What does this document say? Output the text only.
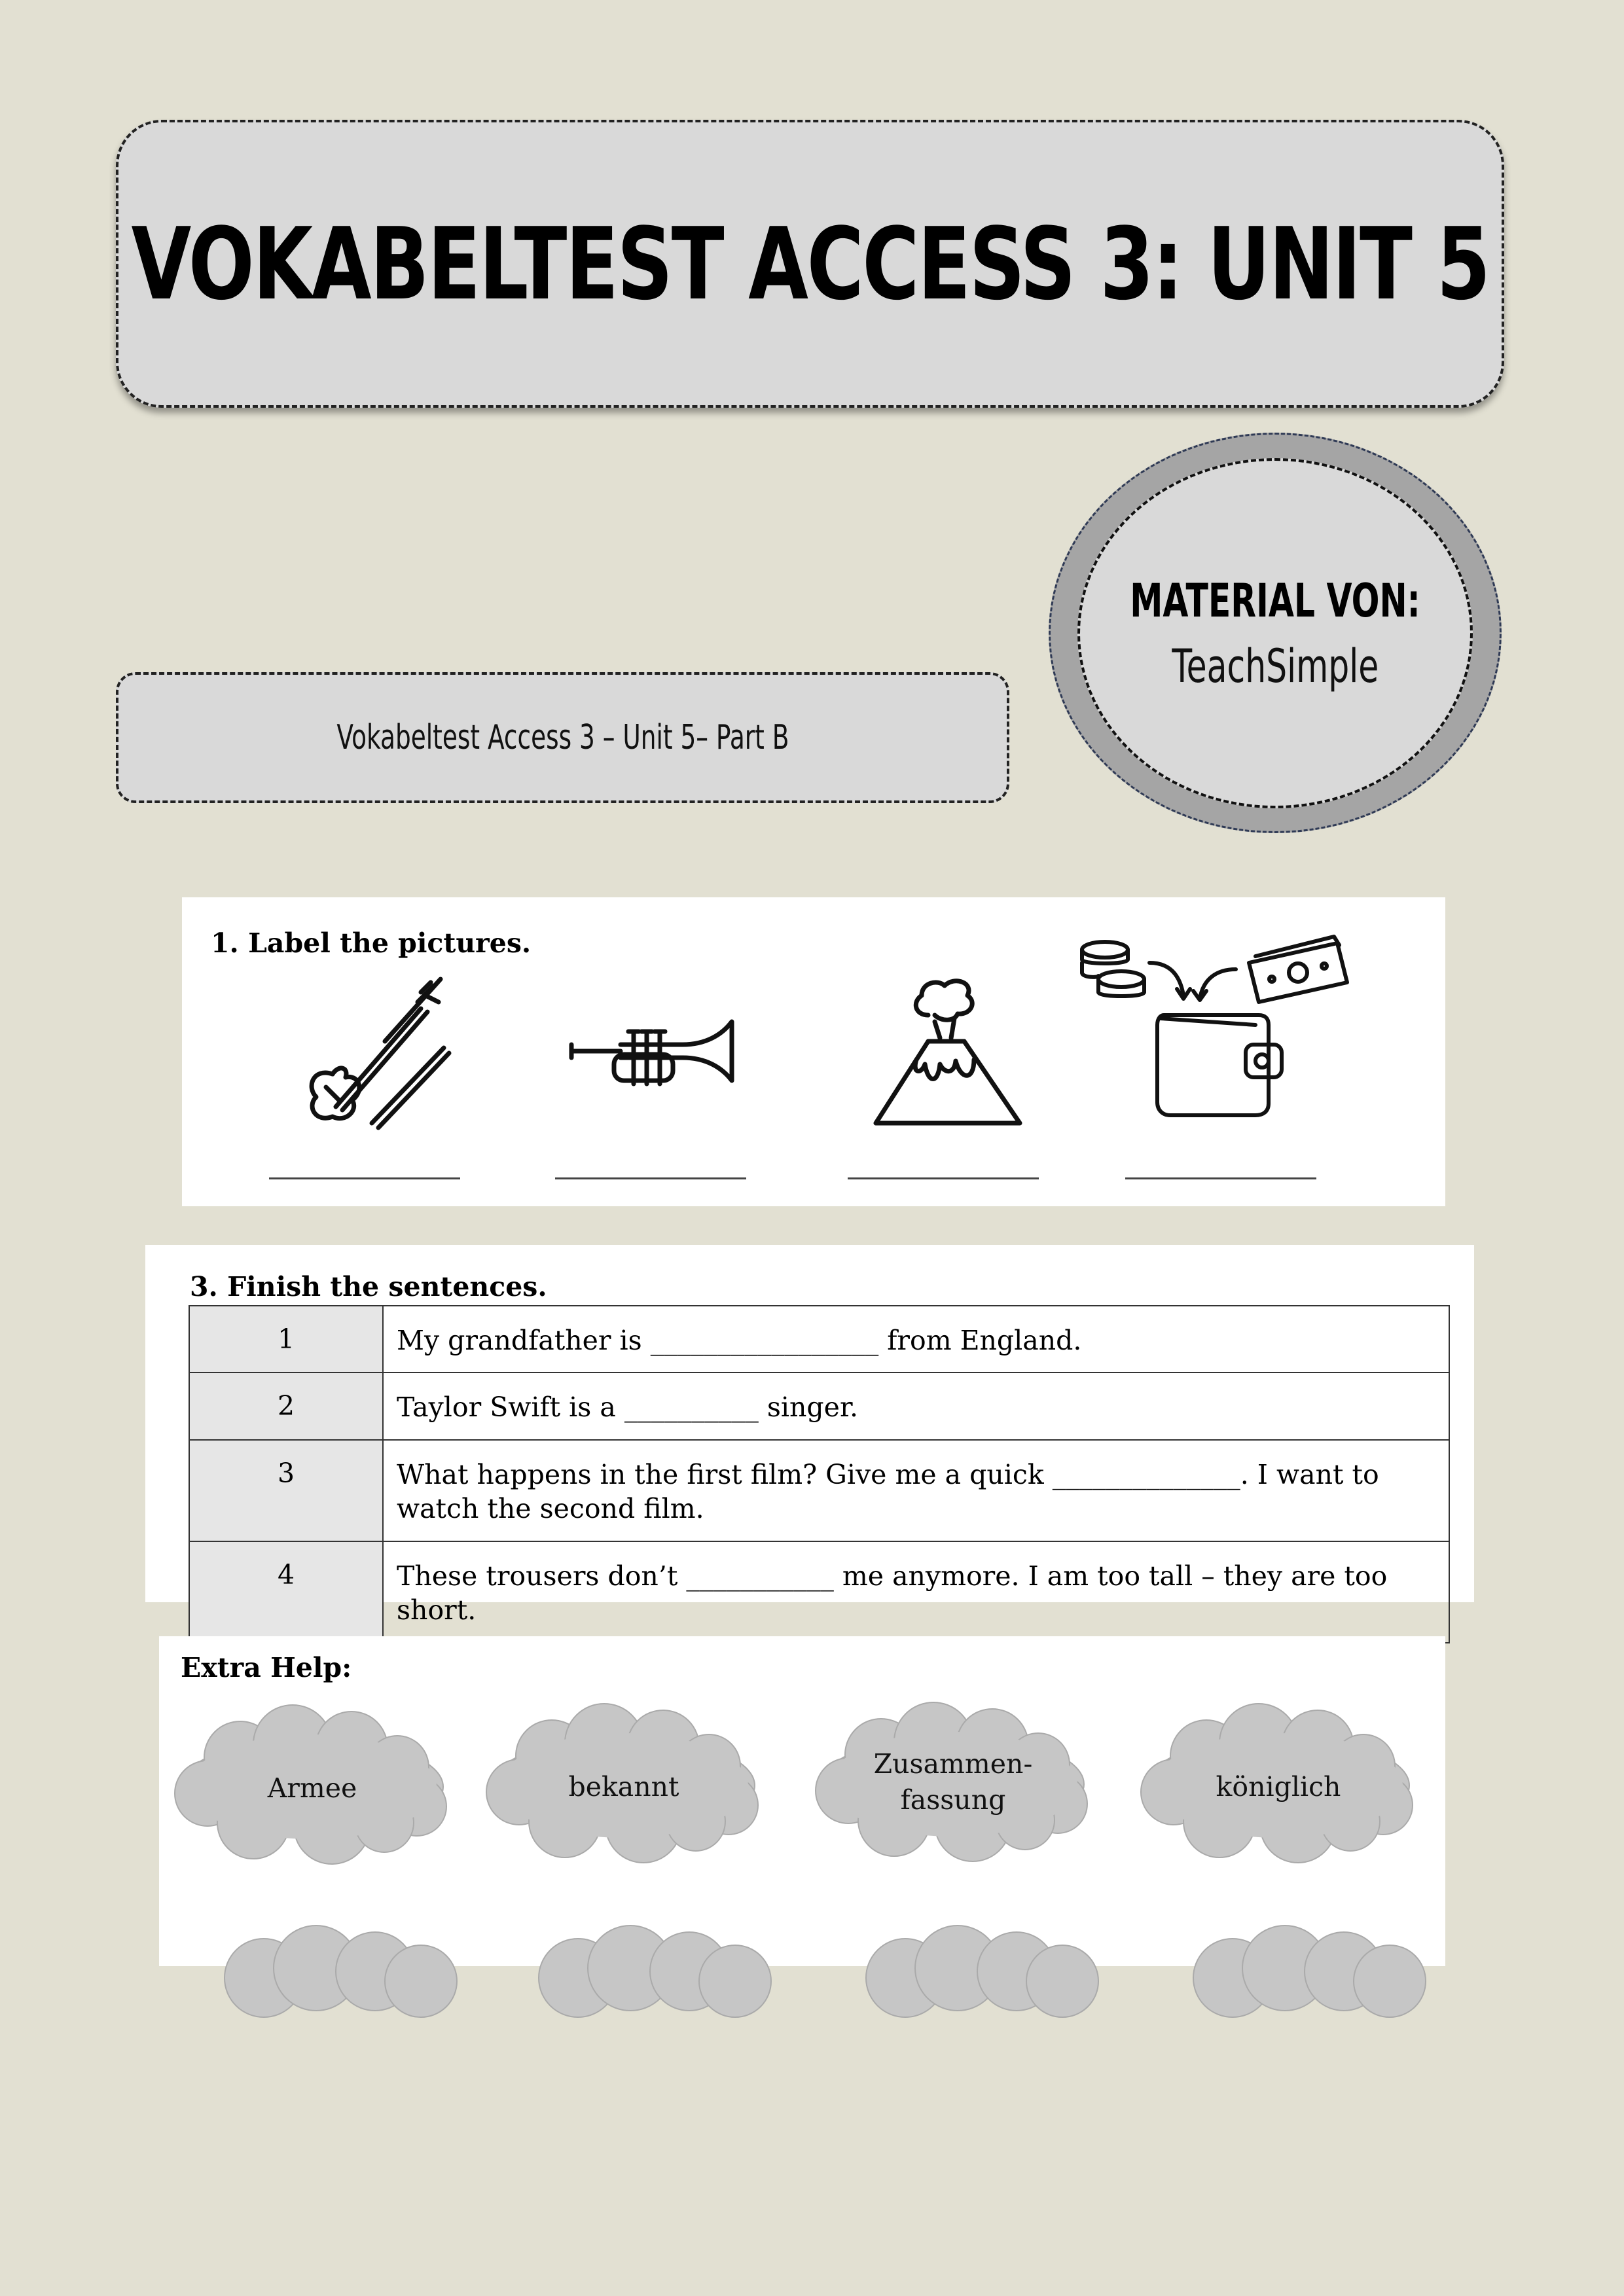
VOKABELTEST ACCESS 3: UNIT 5
MATERIAL VON:
TeachSimple
Vokabeltest Access 3 – Unit 5– Part B
1. Label the pictures.
3. Finish the sentences.
1	My grandfather is _________________ from England.
2	Taylor Swift is a __________ singer.
3	What happens in the first film? Give me a quick ______________. I want to watch the second film.
4	These trousers don’t ___________ me anymore. I am too tall – they are too short.
Extra Help:
Armee	bekannt
Zusammen-
fassung	königlich
